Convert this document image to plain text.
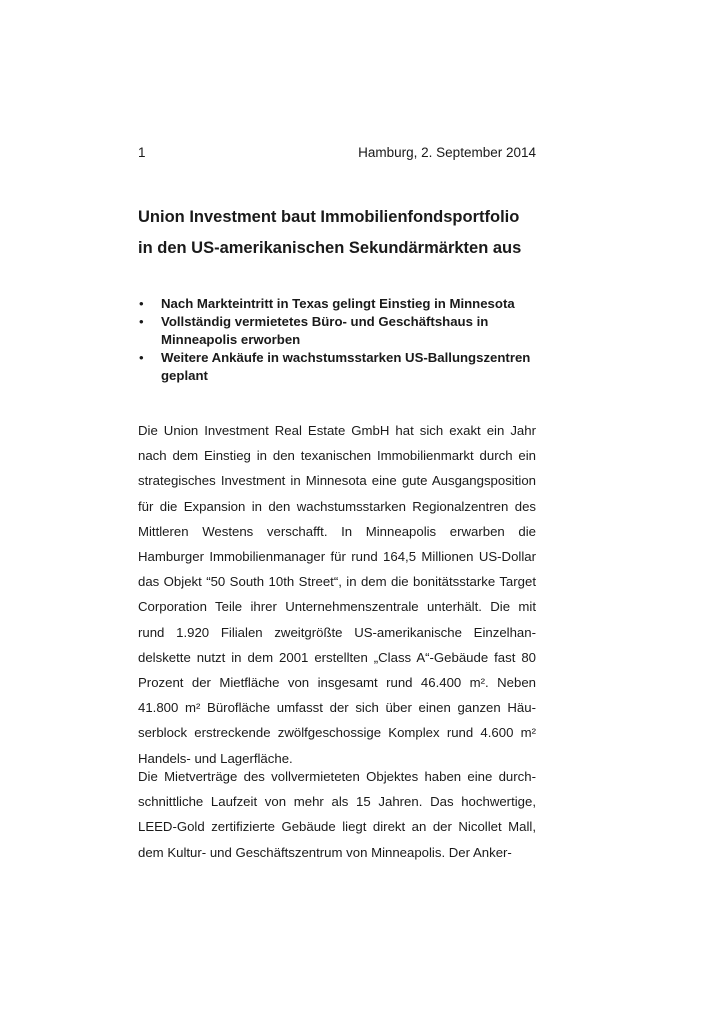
1	Hamburg, 2. September 2014
Union Investment baut Immobilienfondsportfolio
in den US-amerikanischen Sekundärmärkten aus
• Nach Markteintritt in Texas gelingt Einstieg in Minnesota
• Vollständig vermietetes Büro- und Geschäftshaus in Minneapolis erworben
• Weitere Ankäufe in wachstumsstarken US-Ballungszentren geplant

Die Union Investment Real Estate GmbH hat sich exakt ein Jahr nach dem Einstieg in den texanischen Immobilienmarkt durch ein strategisches Investment in Minnesota eine gute Ausgangsposition für die Expansion in den wachstumsstarken Regionalzentren des Mittleren Westens verschafft. In Minneapolis erwarben die Hamburger Immobilienmanager für rund 164,5 Millionen US-Dollar das Objekt “50 South 10th Street“, in dem die bonitätsstarke Target Corporation Teile ihrer Unternehmenszentrale unterhält. Die mit rund 1.920 Filialen zweitgrößte US-amerikanische Einzelhandelskette nutzt in dem 2001 erstellten „Class A“-Gebäude fast 80 Prozent der Mietfläche von insgesamt rund 46.400 m². Neben 41.800 m² Bürofläche umfasst der sich über einen ganzen Häuserblock erstreckende zwölfgeschossige Komplex rund 4.600 m² Handels- und Lagerfläche.

Die Mietverträge des vollvermieteten Objektes haben eine durchschnittliche Laufzeit von mehr als 15 Jahren. Das hochwertige, LEED-Gold zertifizierte Gebäude liegt direkt an der Nicollet Mall, dem Kultur- und Geschäftszentrum von Minneapolis. Der Anker-
